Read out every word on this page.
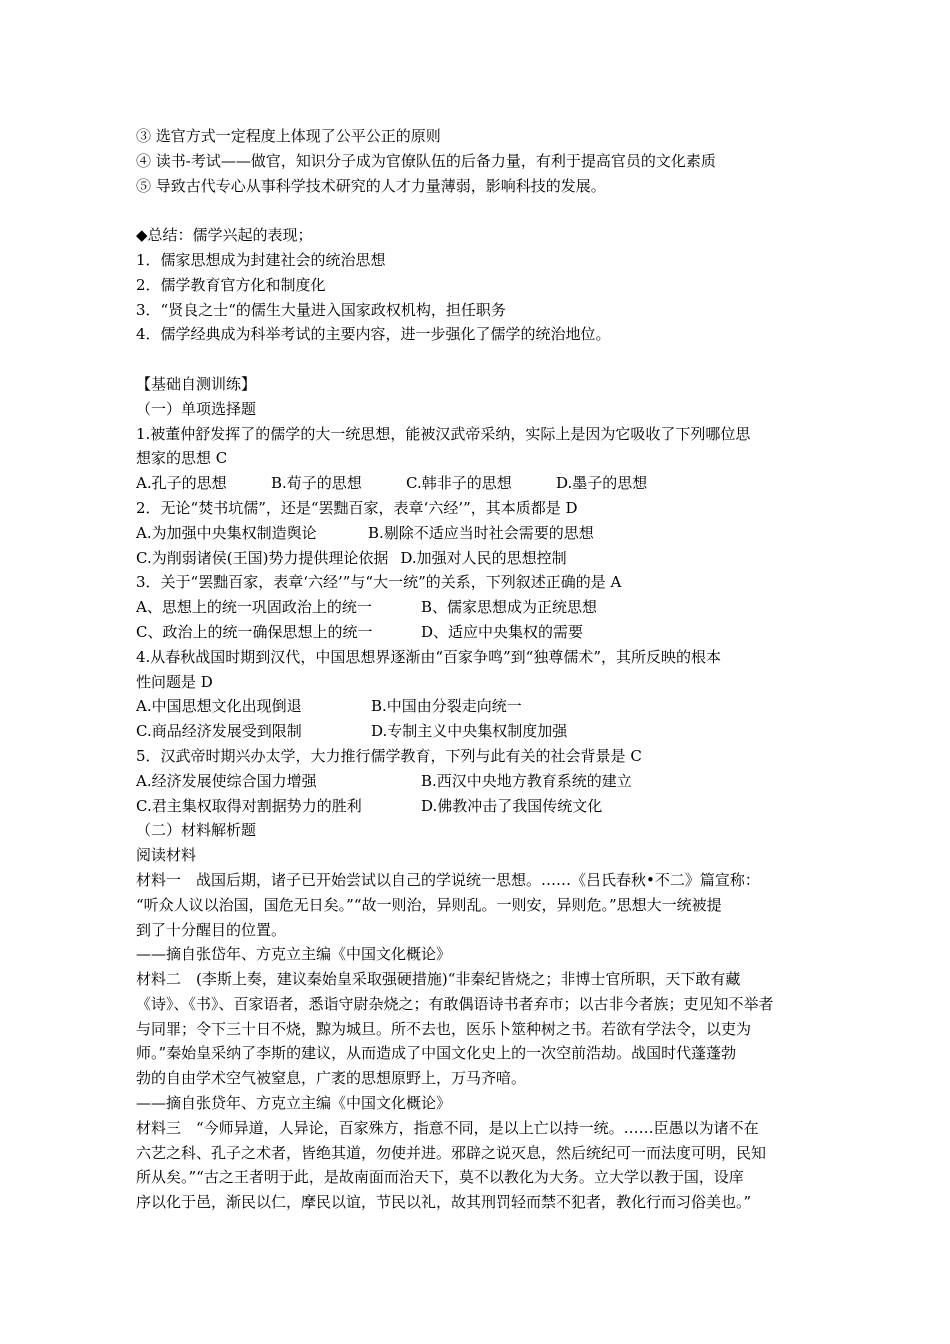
③ 选官方式一定程度上体现了公平公正的原则
④ 读书-考试——做官，知识分子成为官僚队伍的后备力量，有利于提高官员的文化素质
⑤ 导致古代专心从事科学技术研究的人才力量薄弱，影响科技的发展。
◆总结：儒学兴起的表现；
1．儒家思想成为封建社会的统治思想
2．儒学教育官方化和制度化
3．“贤良之士“的儒生大量进入国家政权机构，担任职务
4．儒学经典成为科举考试的主要内容，进一步强化了儒学的统治地位。
【基础自测训练】
（一）单项选择题
1.被董仲舒发挥了的儒学的大一统思想，能被汉武帝采纳，实际上是因为它吸收了下列哪位思
想家的思想 C
A.孔子的思想	B.荀子的思想	C.韩非子的思想	D.墨子的思想
2．无论“焚书坑儒”，还是“罢黜百家，表章‘六经’”，其本质都是 D
A.为加强中央集权制造舆论	B.剔除不适应当时社会需要的思想
C.为削弱诸侯(王国)势力提供理论依据 D.加强对人民的思想控制
3．关于“罢黜百家，表章‘六经’”与“大一统”的关系，下列叙述正确的是 A
A、思想上的统一巩固政治上的统一	B、儒家思想成为正统思想
C、政治上的统一确保思想上的统一	D、适应中央集权的需要
4.从春秋战国时期到汉代，中国思想界逐渐由“百家争鸣”到“独尊儒术”，其所反映的根本
性问题是 D
A.中国思想文化出现倒退	B.中国由分裂走向统一
C.商品经济发展受到限制	D.专制主义中央集权制度加强
5．汉武帝时期兴办太学，大力推行儒学教育，下列与此有关的社会背景是 C
A.经济发展使综合国力增强	B.西汉中央地方教育系统的建立
C.君主集权取得对割据势力的胜利	D.佛教冲击了我国传统文化
（二）材料解析题
阅读材料
材料一　战国后期，诸子已开始尝试以自己的学说统一思想。……《吕氏春秋•不二》篇宣称：
“听众人议以治国，国危无日矣。”“故一则治，异则乱。一则安，异则危。”思想大一统被提
到了十分醒目的位置。
——摘自张岱年、方克立主编《中国文化概论》
材料二　(李斯上奏，建议秦始皇采取强硬措施)“非秦纪皆烧之；非博士官所职，天下敢有藏
《诗》、《书》、百家语者，悉诣守尉杂烧之；有敢偶语诗书者弃市；以古非今者族；吏见知不举者
与同罪；令下三十日不烧，黥为城旦。所不去也，医乐卜筮种树之书。若欲有学法令，以吏为
师。”秦始皇采纳了李斯的建议，从而造成了中国文化史上的一次空前浩劫。战国时代蓬蓬勃
勃的自由学术空气被窒息，广袤的思想原野上，万马齐喑。
——摘自张贷年、方克立主编《中国文化概论》
材料三　“今师异道，人异论，百家殊方，指意不同，是以上亡以持一统。……臣愚以为诸不在
六艺之科、孔子之术者，皆绝其道，勿使并进。邪辟之说灭息，然后统纪可一而法度可明，民知
所从矣。”“古之王者明于此，是故南面而治天下，莫不以教化为大务。立大学以教于国，设庠
序以化于邑，渐民以仁，摩民以谊，节民以礼，故其刑罚轻而禁不犯者，教化行而习俗美也。”
